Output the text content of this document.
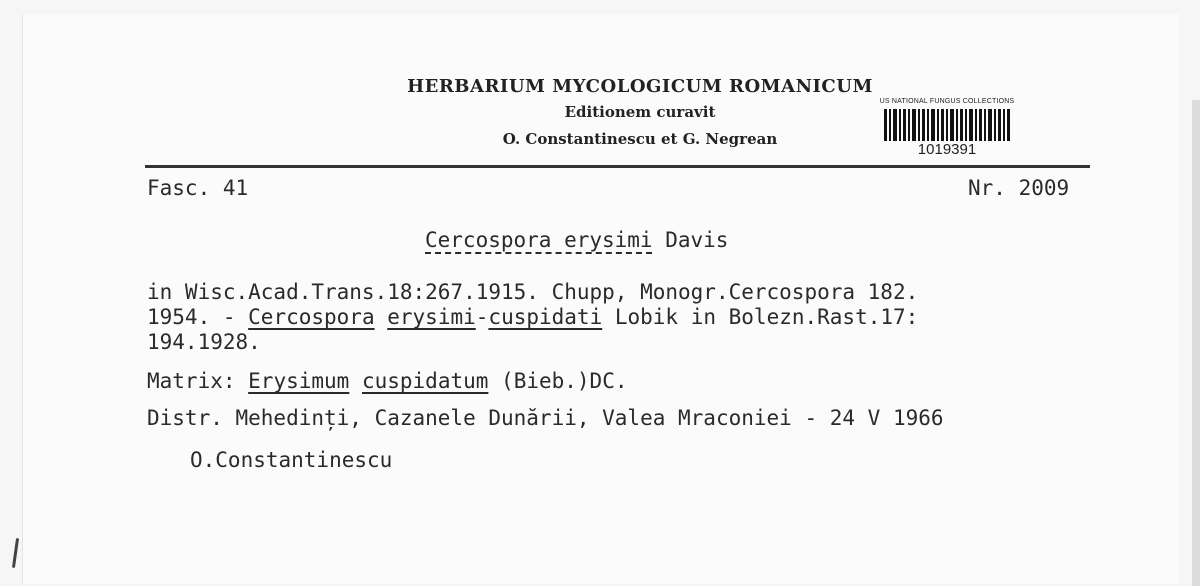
HERBARIUM MYCOLOGICUM ROMANICUM
Editionem curavit
O. Constantinescu et G. Negrean
US NATIONAL FUNGUS COLLECTIONS
1019391
Fasc. 41	Nr. 2009
Cercospora erysimi Davis
in Wisc.Acad.Trans.18:267.1915. Chupp, Monogr.Cercospora 182.
1954. - Cercospora erysimi-cuspidati Lobik in Bolezn.Rast.17:
194.1928.
Matrix: Erysimum cuspidatum (Bieb.)DC.
Distr. Mehedinți, Cazanele Dunării, Valea Mraconiei - 24 V 1966
O.Constantinescu
